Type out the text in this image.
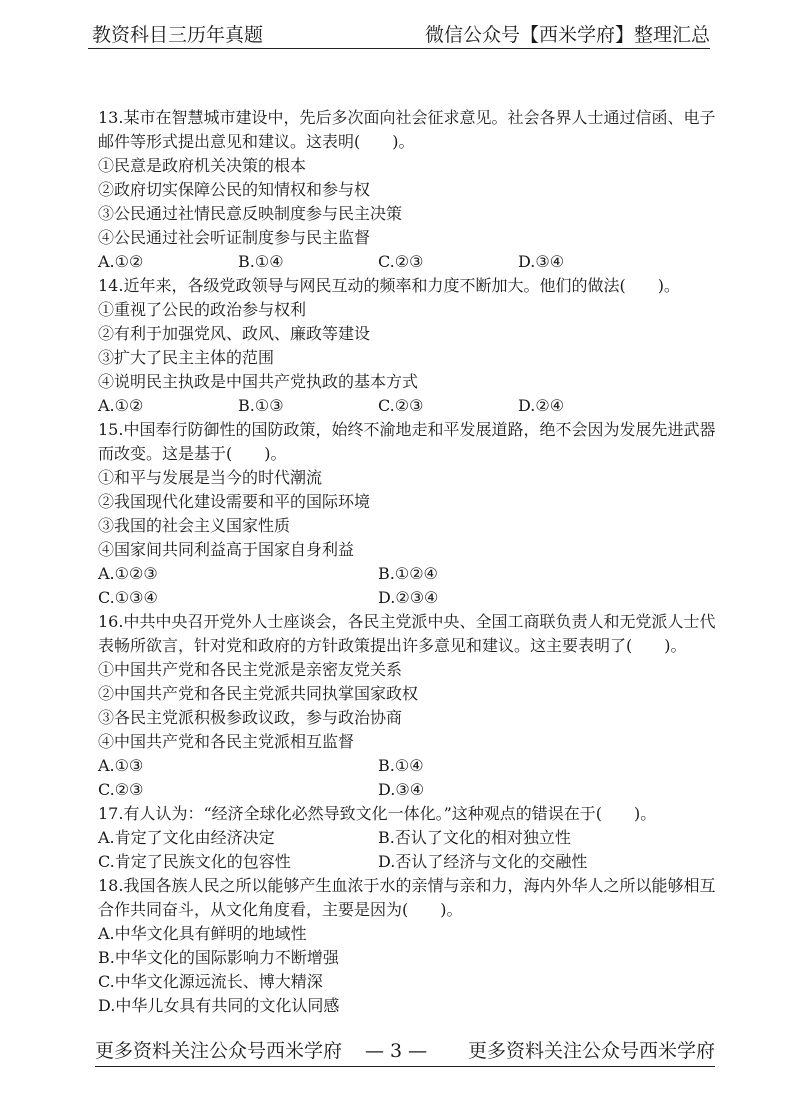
教资科目三历年真题	微信公众号【西米学府】整理汇总
13.某市在智慧城市建设中，先后多次面向社会征求意见。社会各界人士通过信函、电子
邮件等形式提出意见和建议。这表明(　　)。
①民意是政府机关决策的根本
②政府切实保障公民的知情权和参与权
③公民通过社情民意反映制度参与民主决策
④公民通过社会听证制度参与民主监督
A.①②	B.①④	C.②③	D.③④
14.近年来，各级党政领导与网民互动的频率和力度不断加大。他们的做法(　　)。
①重视了公民的政治参与权利
②有利于加强党风、政风、廉政等建设
③扩大了民主主体的范围
④说明民主执政是中国共产党执政的基本方式
A.①②	B.①③	C.②③	D.②④
15.中国奉行防御性的国防政策，始终不渝地走和平发展道路，绝不会因为发展先进武器
而改变。这是基于(　　)。
①和平与发展是当今的时代潮流
②我国现代化建设需要和平的国际环境
③我国的社会主义国家性质
④国家间共同利益高于国家自身利益
A.①②③	B.①②④
C.①③④	D.②③④
16.中共中央召开党外人士座谈会，各民主党派中央、全国工商联负责人和无党派人士代
表畅所欲言，针对党和政府的方针政策提出许多意见和建议。这主要表明了(　　)。
①中国共产党和各民主党派是亲密友党关系
②中国共产党和各民主党派共同执掌国家政权
③各民主党派积极参政议政，参与政治协商
④中国共产党和各民主党派相互监督
A.①③	B.①④
C.②③	D.③④
17.有人认为：“经济全球化必然导致文化一体化。”这种观点的错误在于(　　)。
A.肯定了文化由经济决定	B.否认了文化的相对独立性
C.肯定了民族文化的包容性	D.否认了经济与文化的交融性
18.我国各族人民之所以能够产生血浓于水的亲情与亲和力，海内外华人之所以能够相互
合作共同奋斗，从文化角度看，主要是因为(　　)。
A.中华文化具有鲜明的地域性
B.中华文化的国际影响力不断增强
C.中华文化源远流长、博大精深
D.中华儿女具有共同的文化认同感
更多资料关注公众号西米学府 — 3 — 更多资料关注公众号西米学府
